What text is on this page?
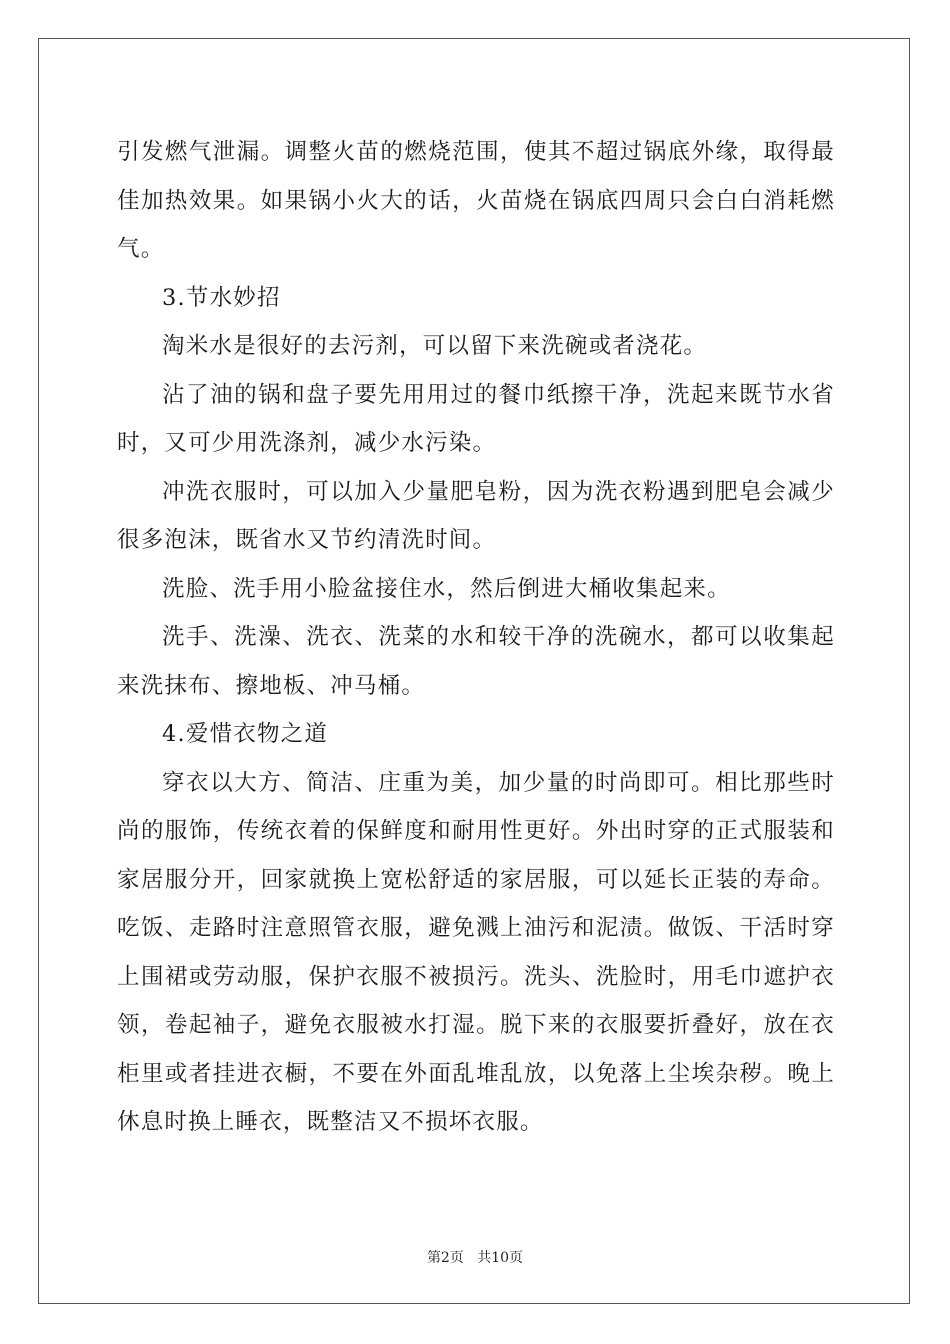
引发燃气泄漏。调整火苗的燃烧范围，使其不超过锅底外缘，取得最佳加热效果。如果锅小火大的话，火苗烧在锅底四周只会白白消耗燃气。

3.节水妙招

淘米水是很好的去污剂，可以留下来洗碗或者浇花。

沾了油的锅和盘子要先用用过的餐巾纸擦干净，洗起来既节水省时，又可少用洗涤剂，减少水污染。

冲洗衣服时，可以加入少量肥皂粉，因为洗衣粉遇到肥皂会减少很多泡沫，既省水又节约清洗时间。

洗脸、洗手用小脸盆接住水，然后倒进大桶收集起来。

洗手、洗澡、洗衣、洗菜的水和较干净的洗碗水，都可以收集起来洗抹布、擦地板、冲马桶。

4.爱惜衣物之道

穿衣以大方、简洁、庄重为美，加少量的时尚即可。相比那些时尚的服饰，传统衣着的保鲜度和耐用性更好。外出时穿的正式服装和家居服分开，回家就换上宽松舒适的家居服，可以延长正装的寿命。吃饭、走路时注意照管衣服，避免溅上油污和泥渍。做饭、干活时穿上围裙或劳动服，保护衣服不被损污。洗头、洗脸时，用毛巾遮护衣领，卷起袖子，避免衣服被水打湿。脱下来的衣服要折叠好，放在衣柜里或者挂进衣橱，不要在外面乱堆乱放，以免落上尘埃杂秽。晚上休息时换上睡衣，既整洁又不损坏衣服。

第2页 共10页
